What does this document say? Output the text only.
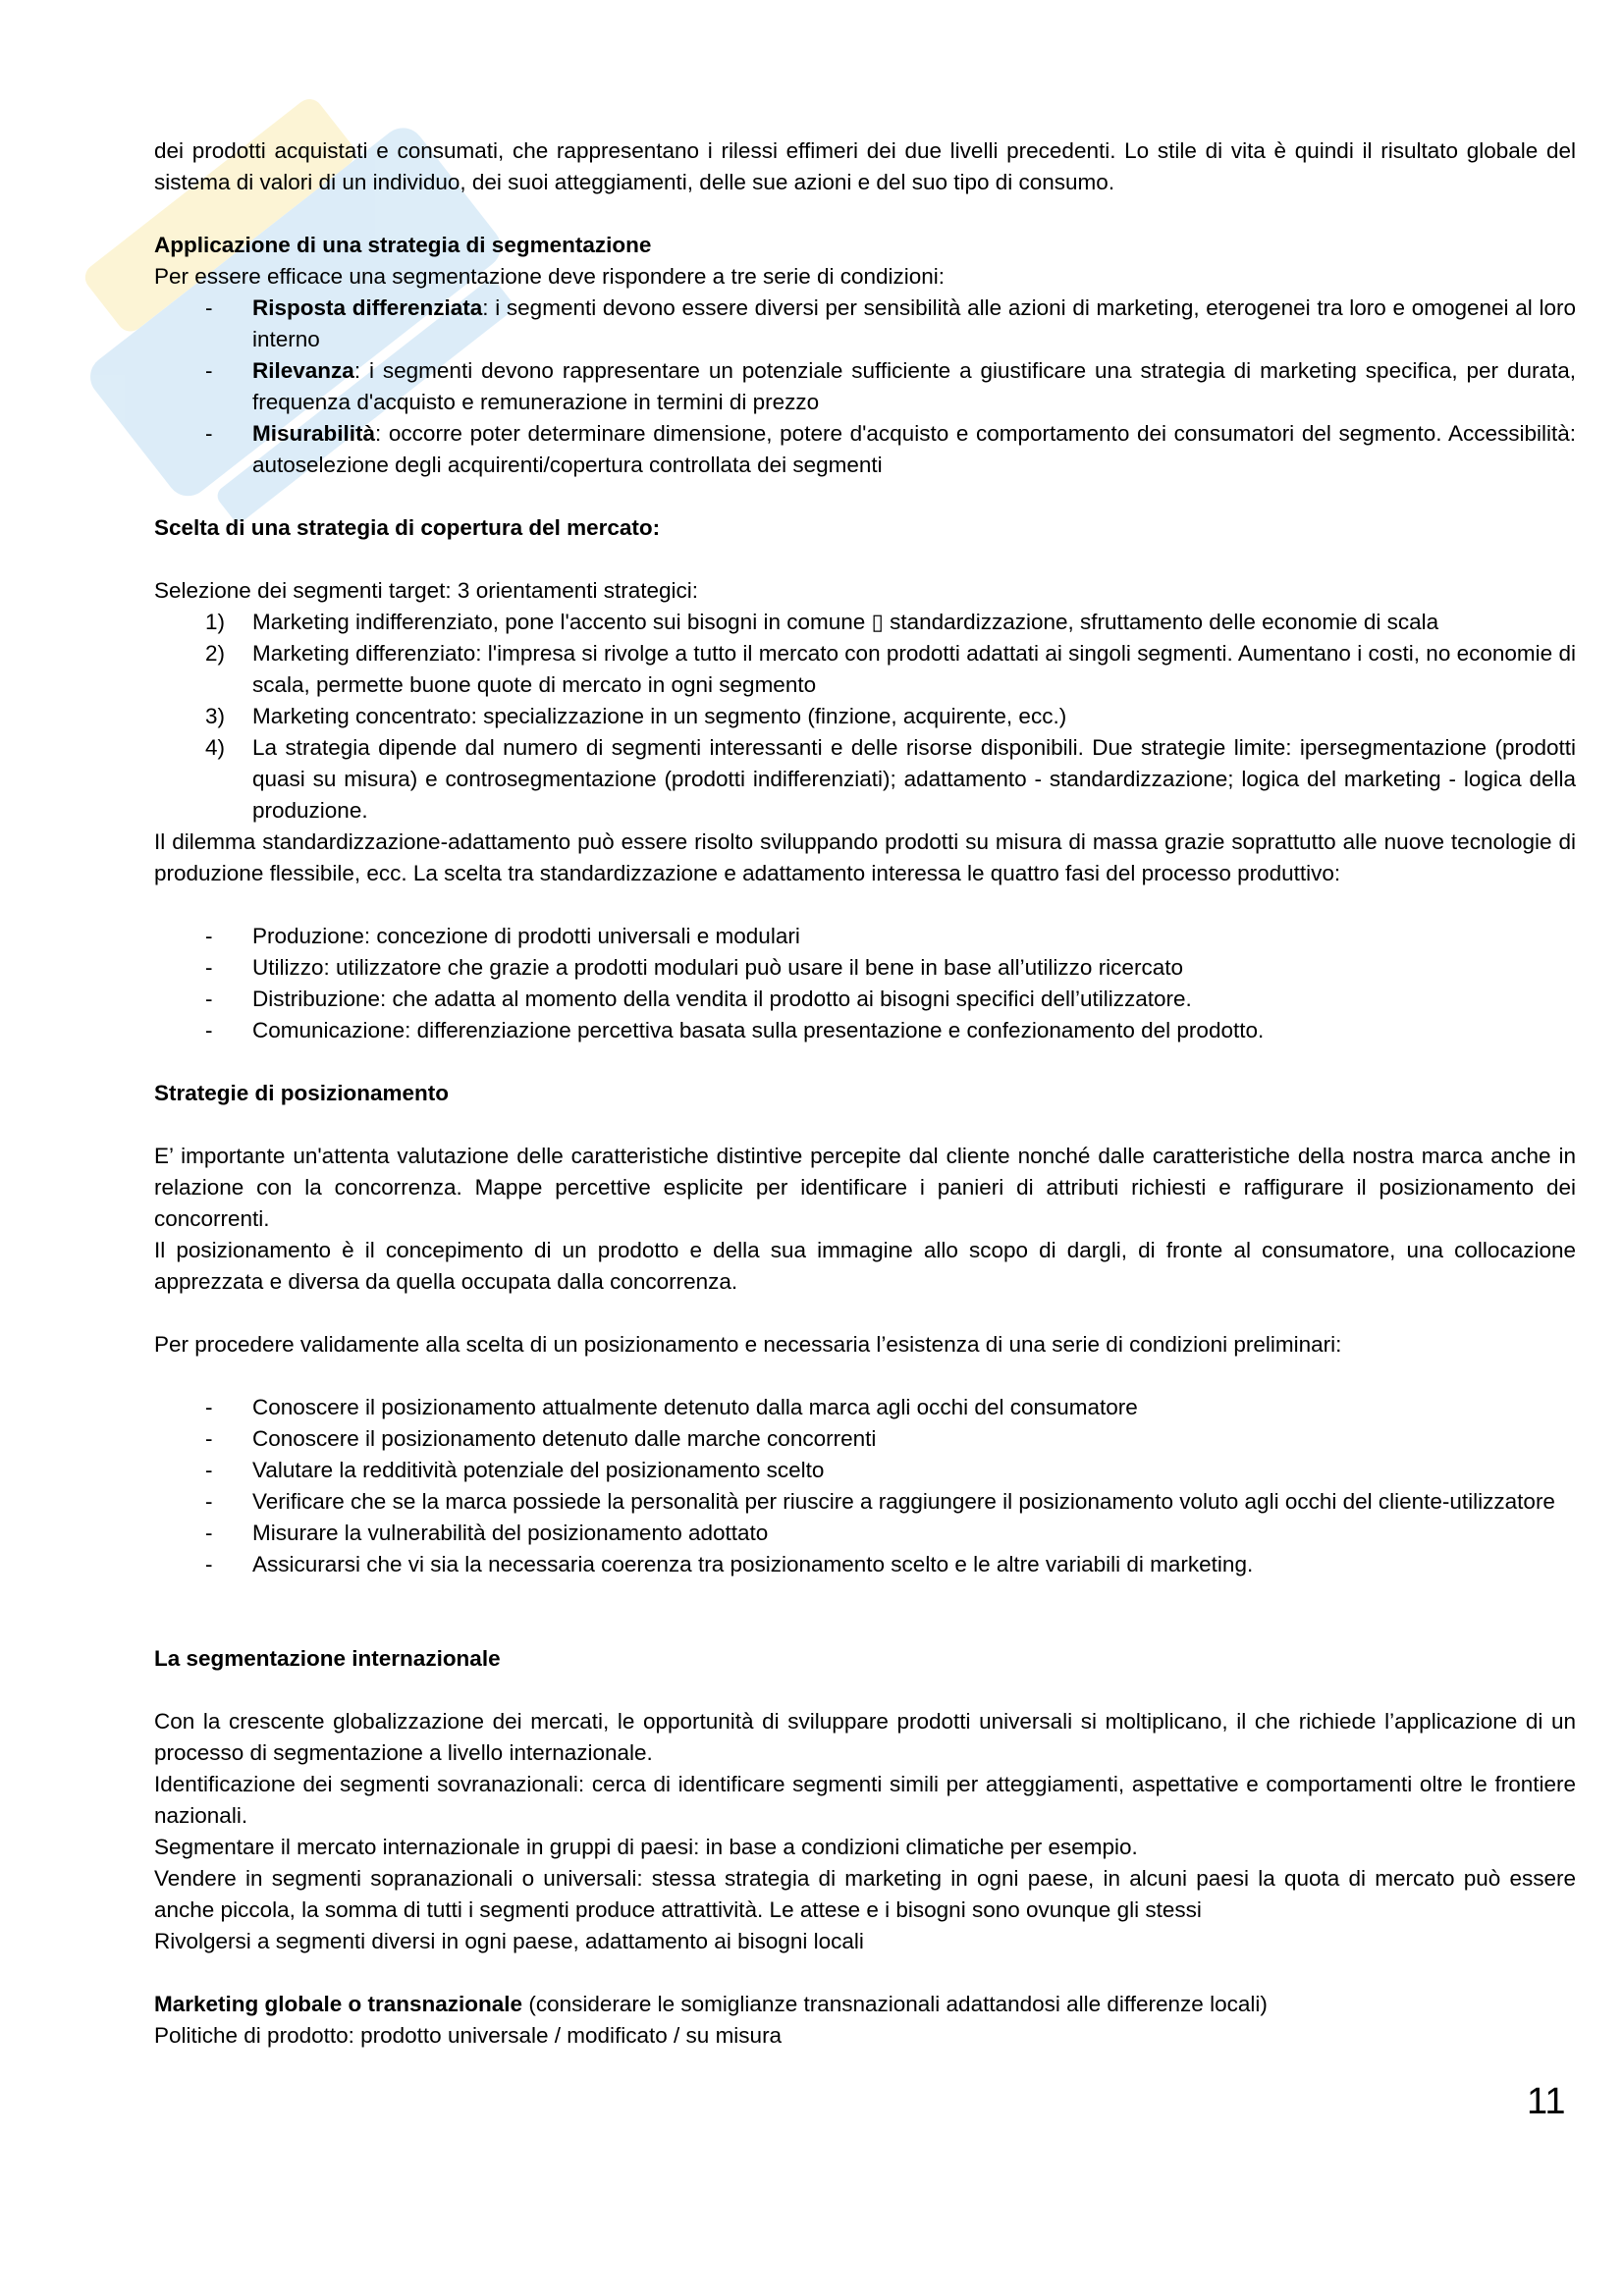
dei prodotti acquistati e consumati, che rappresentano i rilessi effimeri dei due livelli precedenti. Lo stile di vita è quindi il risultato globale del sistema di valori di un individuo, dei suoi atteggiamenti, delle sue azioni e del suo tipo di consumo.

Applicazione di una strategia di segmentazione

Per essere efficace una segmentazione deve rispondere a tre serie di condizioni:

- Risposta differenziata: i segmenti devono essere diversi per sensibilità alle azioni di marketing, eterogenei tra loro e omogenei al loro interno
- Rilevanza: i segmenti devono rappresentare un potenziale sufficiente a giustificare una strategia di marketing specifica, per durata, frequenza d'acquisto e remunerazione in termini di prezzo
- Misurabilità: occorre poter determinare dimensione, potere d'acquisto e comportamento dei consumatori del segmento. Accessibilità: autoselezione degli acquirenti/copertura controllata dei segmenti

Scelta di una strategia di copertura del mercato:

Selezione dei segmenti target: 3 orientamenti strategici:

1) Marketing indifferenziato, pone l'accento sui bisogni in comune ▯ standardizzazione, sfruttamento delle economie di scala
2) Marketing differenziato: l'impresa si rivolge a tutto il mercato con prodotti adattati ai singoli segmenti. Aumentano i costi, no economie di scala, permette buone quote di mercato in ogni segmento
3) Marketing concentrato: specializzazione in un segmento (finzione, acquirente, ecc.)
4) La strategia dipende dal numero di segmenti interessanti e delle risorse disponibili. Due strategie limite: ipersegmentazione (prodotti quasi su misura) e controsegmentazione (prodotti indifferenziati); adattamento - standardizzazione; logica del marketing - logica della produzione.

Il dilemma standardizzazione-adattamento può essere risolto sviluppando prodotti su misura di massa grazie soprattutto alle nuove tecnologie di produzione flessibile, ecc. La scelta tra standardizzazione e adattamento interessa le quattro fasi del processo produttivo:

- Produzione: concezione di prodotti universali e modulari
- Utilizzo: utilizzatore che grazie a prodotti modulari può usare il bene in base all’utilizzo ricercato
- Distribuzione: che adatta al momento della vendita il prodotto ai bisogni specifici dell’utilizzatore.
- Comunicazione: differenziazione percettiva basata sulla presentazione e confezionamento del prodotto.

Strategie di posizionamento

E’ importante un'attenta valutazione delle caratteristiche distintive percepite dal cliente nonché dalle caratteristiche della nostra marca anche in relazione con la concorrenza. Mappe percettive esplicite per identificare i panieri di attributi richiesti e raffigurare il posizionamento dei concorrenti.

Il posizionamento è il concepimento di un prodotto e della sua immagine allo scopo di dargli, di fronte al consumatore, una collocazione apprezzata e diversa da quella occupata dalla concorrenza.

Per procedere validamente alla scelta di un posizionamento e necessaria l’esistenza di una serie di condizioni preliminari:

- Conoscere il posizionamento attualmente detenuto dalla marca agli occhi del consumatore
- Conoscere il posizionamento detenuto dalle marche concorrenti
- Valutare la redditività potenziale del posizionamento scelto
- Verificare che se la marca possiede la personalità per riuscire a raggiungere il posizionamento voluto agli occhi del cliente-utilizzatore
- Misurare la vulnerabilità del posizionamento adottato
- Assicurarsi che vi sia la necessaria coerenza tra posizionamento scelto e le altre variabili di marketing.

La segmentazione internazionale

Con la crescente globalizzazione dei mercati, le opportunità di sviluppare prodotti universali si moltiplicano, il che richiede l’applicazione di un processo di segmentazione a livello internazionale.

Identificazione dei segmenti sovranazionali: cerca di identificare segmenti simili per atteggiamenti, aspettative e comportamenti oltre le frontiere nazionali.

Segmentare il mercato internazionale in gruppi di paesi: in base a condizioni climatiche per esempio.

Vendere in segmenti sopranazionali o universali: stessa strategia di marketing in ogni paese, in alcuni paesi la quota di mercato può essere anche piccola, la somma di tutti i segmenti produce attrattività. Le attese e i bisogni sono ovunque gli stessi

Rivolgersi a segmenti diversi in ogni paese, adattamento ai bisogni locali

Marketing globale o transnazionale (considerare le somiglianze transnazionali adattandosi alle differenze locali)

Politiche di prodotto: prodotto universale / modificato / su misura

11
